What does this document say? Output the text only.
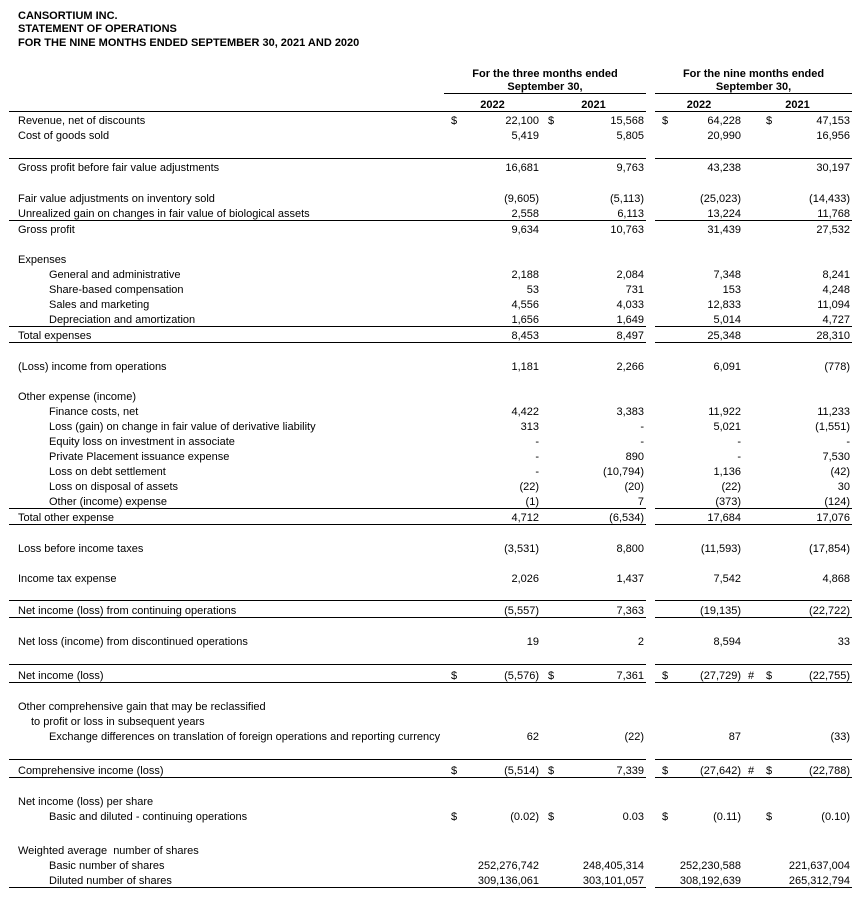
CANSORTIUM INC.
STATEMENT OF OPERATIONS
FOR THE NINE MONTHS ENDED SEPTEMBER 30, 2021 AND 2020
	For the three months ended					For the nine months ended				
	September 30,					September 30,				
	2022		2021			2022		2021		
Revenue, net of discounts	$	22,100	$	15,568		$	64,228		$	47,153
Cost of goods sold		5,419		5,805			20,990			16,956

Gross profit before fair value adjustments		16,681		9,763			43,238			30,197

Fair value adjustments on inventory sold		(9,605)		(5,113)			(25,023)			(14,433)
Unrealized gain on changes in fair value of biological assets		2,558		6,113			13,224			11,768
Gross profit		9,634		10,763			31,439			27,532

Expenses										
General and administrative		2,188		2,084			7,348			8,241
Share-based compensation		53		731			153			4,248
Sales and marketing		4,556		4,033			12,833			11,094
Depreciation and amortization		1,656		1,649			5,014			4,727
Total expenses		8,453		8,497			25,348			28,310

(Loss) income from operations		1,181		2,266			6,091			(778)

Other expense (income)										
Finance costs, net		4,422		3,383			11,922			11,233
Loss (gain) on change in fair value of derivative liability		313		-			5,021			(1,551)
Equity loss on investment in associate		-		-			-			-
Private Placement issuance expense		-		890			-			7,530
Loss on debt settlement		-		(10,794)			1,136			(42)
Loss on disposal of assets		(22)		(20)			(22)			30
Other (income) expense		(1)		7			(373)			(124)
Total other expense		4,712		(6,534)			17,684			17,076

Loss before income taxes		(3,531)		8,800			(11,593)			(17,854)

Income tax expense		2,026		1,437			7,542			4,868

Net income (loss) from continuing operations		(5,557)		7,363			(19,135)			(22,722)

Net loss (income) from discontinued operations		19		2			8,594			33

Net income (loss)	$	(5,576)	$	7,361		$	(27,729)	#	$	(22,755)

Other comprehensive gain that may be reclassified										
to profit or loss in subsequent years										
Exchange differences on translation of foreign operations and reporting currency		62		(22)			87			(33)

Comprehensive income (loss)	$	(5,514)	$	7,339		$	(27,642)	#	$	(22,788)

Net income (loss) per share										
Basic and diluted - continuing operations	$	(0.02)	$	0.03		$	(0.11)		$	(0.10)

Weighted average  number of shares										
Basic number of shares		252,276,742		248,405,314			252,230,588			221,637,004
Diluted number of shares		309,136,061		303,101,057			308,192,639			265,312,794
